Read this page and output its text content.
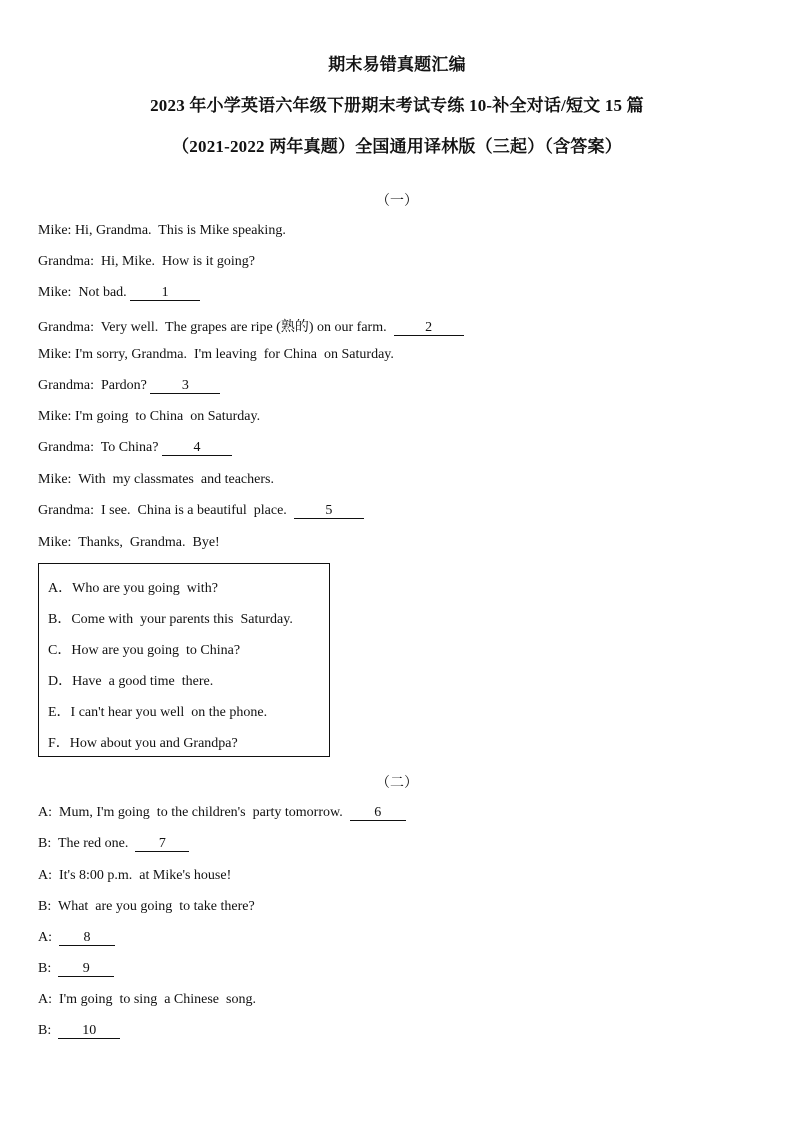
期末易错真题汇编
2023 年小学英语六年级下册期末考试专练 10-补全对话/短文 15 篇
（2021-2022 两年真题）全国通用译林版（三起）（含答案）
（一）
Mike: Hi, Grandma.  This is Mike speaking.
Grandma:  Hi, Mike.  How is it going?
Mike:  Not bad. 1
Grandma:  Very well.  The grapes are ripe (熟的) on our farm.  2
Mike: I'm sorry, Grandma.  I'm leaving  for China  on Saturday.
Grandma:  Pardon? 3
Mike: I'm going  to China  on Saturday.
Grandma:  To China? 4
Mike:  With  my classmates  and teachers.
Grandma:  I see.  China is a beautiful  place.  5
Mike:  Thanks,  Grandma.  Bye!
A．Who are you going  with?
B．Come with  your parents this  Saturday.
C．How are you going  to China?
D．Have  a good time  there.
E．I can't hear you well  on the phone.
F．How about you and Grandpa?
（二）
A:  Mum, I'm going  to the children's  party tomorrow.  6
B:  The red one.  7
A:  It's 8:00 p.m.  at Mike's house!
B:  What  are you going  to take there?
A:  8
B:  9
A:  I'm going  to sing  a Chinese  song.
B:  10
